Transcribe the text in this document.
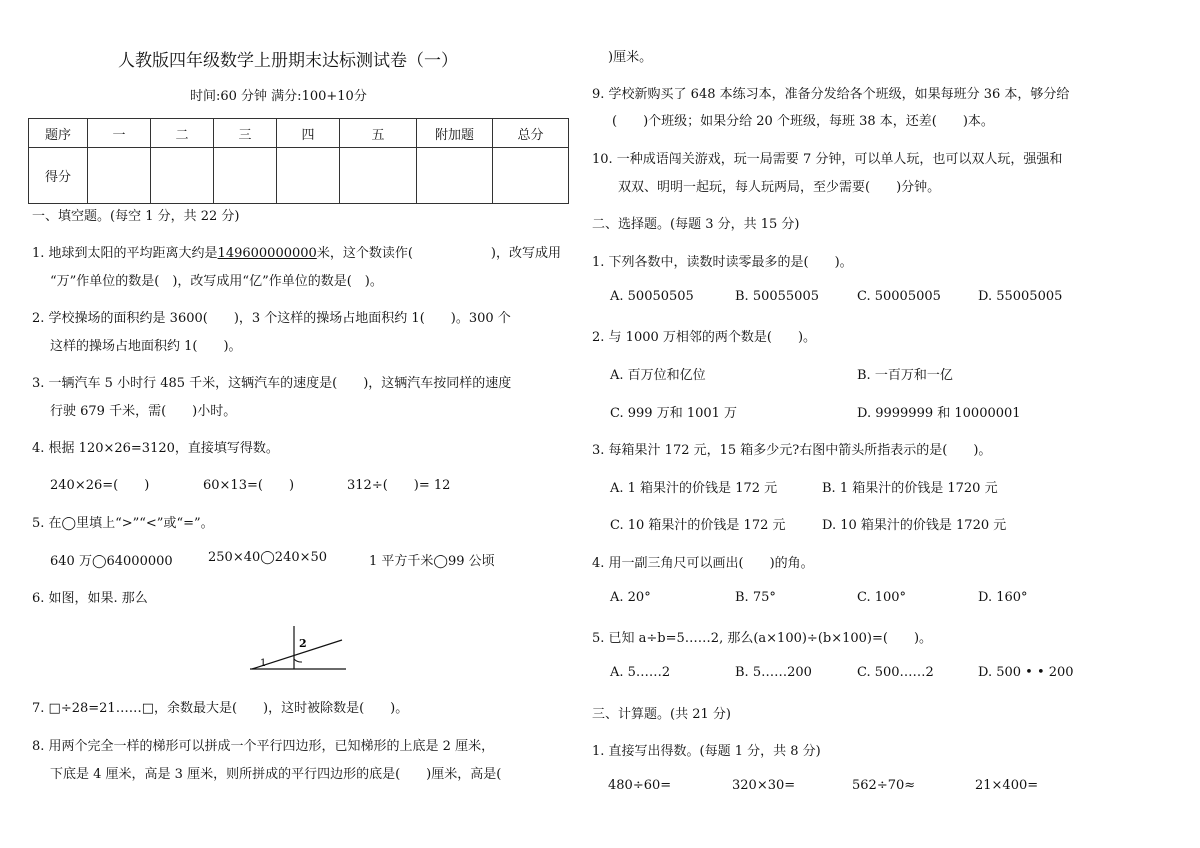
人教版四年级数学上册期末达标测试卷（一）
时间:60 分钟 满分:100+10分
题序	一	二	三	四	五	附加题	总分
得分							
一、填空题。(每空 1 分，共 22 分)
1. 地球到太阳的平均距离大约是149600000000米，这个数读作(　　　　　　)，改写成用
“万”作单位的数是(　)，改写成用“亿”作单位的数是(　)。
2. 学校操场的面积约是 3600(　　)，3 个这样的操场占地面积约 1(　　)。300 个
这样的操场占地面积约 1(　　)。
3. 一辆汽车 5 小时行 485 千米，这辆汽车的速度是(　　)，这辆汽车按同样的速度
行驶 679 千米，需(　　)小时。
4. 根据 120×26=3120，直接填写得数。
240×26=(　　)	60×13=(　　)	312÷(　　)= 12
5. 在◯里填上“>”“<”或“=”。
640 万◯64000000	250×40◯240×50	1 平方千米◯99 公顷
6. 如图，如果. 那么
1
2
7. □÷28=21……□，余数最大是(　　)，这时被除数是(　　)。
8. 用两个完全一样的梯形可以拼成一个平行四边形，已知梯形的上底是 2 厘米，
下底是 4 厘米，高是 3 厘米，则所拼成的平行四边形的底是(　　)厘米，高是(
)厘米。
9. 学校新购买了 648 本练习本，准备分发给各个班级，如果每班分 36 本，够分给
(　　)个班级；如果分给 20 个班级，每班 38 本，还差(　　)本。
10. 一种成语闯关游戏，玩一局需要 7 分钟，可以单人玩，也可以双人玩，强强和
双双、明明一起玩，每人玩两局，至少需要(　　)分钟。
二、选择题。(每题 3 分，共 15 分)
1. 下列各数中，读数时读零最多的是(　　)。
A. 50050505	B. 50055005	C. 50005005	D. 55005005
2. 与 1000 万相邻的两个数是(　　)。
A. 百万位和亿位	B. 一百万和一亿
C. 999 万和 1001 万	D. 9999999 和 10000001
3. 每箱果汁 172 元，15 箱多少元?右图中箭头所指表示的是(　　)。
A. 1 箱果汁的价钱是 172 元	B. 1 箱果汁的价钱是 1720 元
C. 10 箱果汁的价钱是 172 元	D. 10 箱果汁的价钱是 1720 元
4. 用一副三角尺可以画出(　　)的角。
A. 20°	B. 75°	C. 100°	D. 160°
5. 已知 a÷b=5……2, 那么(a×100)÷(b×100)=(　　)。
A. 5……2	B. 5……200	C. 500……2	D. 500 • • 200
三、计算题。(共 21 分)
1. 直接写出得数。(每题 1 分，共 8 分)
480÷60=	320×30=	562÷70≈	21×400=
